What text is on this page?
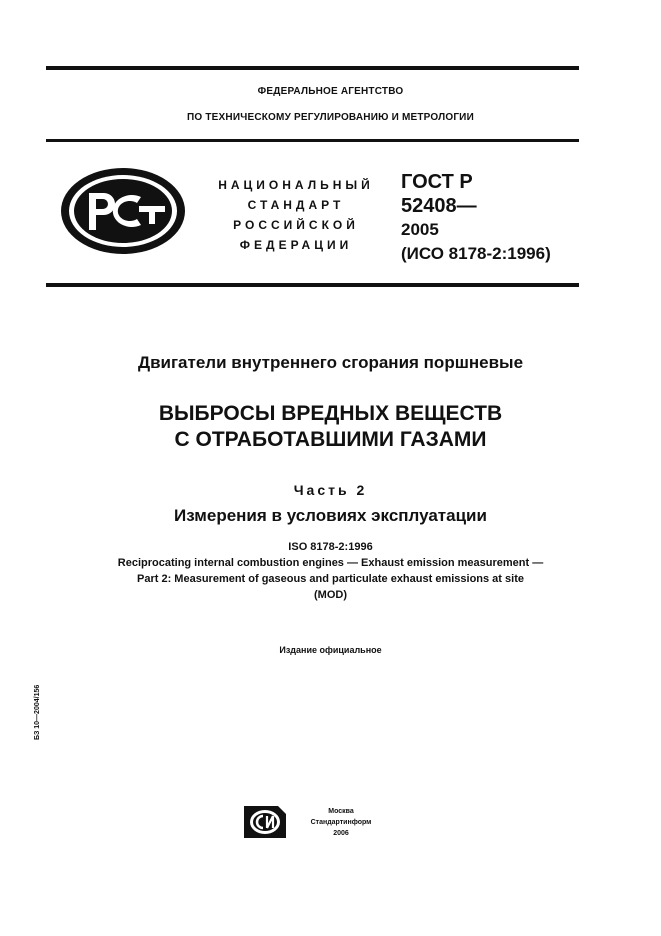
ФЕДЕРАЛЬНОЕ АГЕНТСТВО
ПО ТЕХНИЧЕСКОМУ РЕГУЛИРОВАНИЮ И МЕТРОЛОГИИ
НАЦИОНАЛЬНЫЙ
СТАНДАРТ
РОССИЙСКОЙ
ФЕДЕРАЦИИ
ГОСТ Р
52408—
2005
(ИСО 8178-2:1996)
Двигатели внутреннего сгорания поршневые
ВЫБРОСЫ ВРЕДНЫХ ВЕЩЕСТВ
С ОТРАБОТАВШИМИ ГАЗАМИ
Часть 2
Измерения в условиях эксплуатации
ISO 8178-2:1996
Reciprocating internal combustion engines — Exhaust emission measurement —
Part 2: Measurement of gaseous and particulate exhaust emissions at site
(MOD)
Издание официальное
БЗ 10—2004/156
Москва
Стандартинформ
2006
